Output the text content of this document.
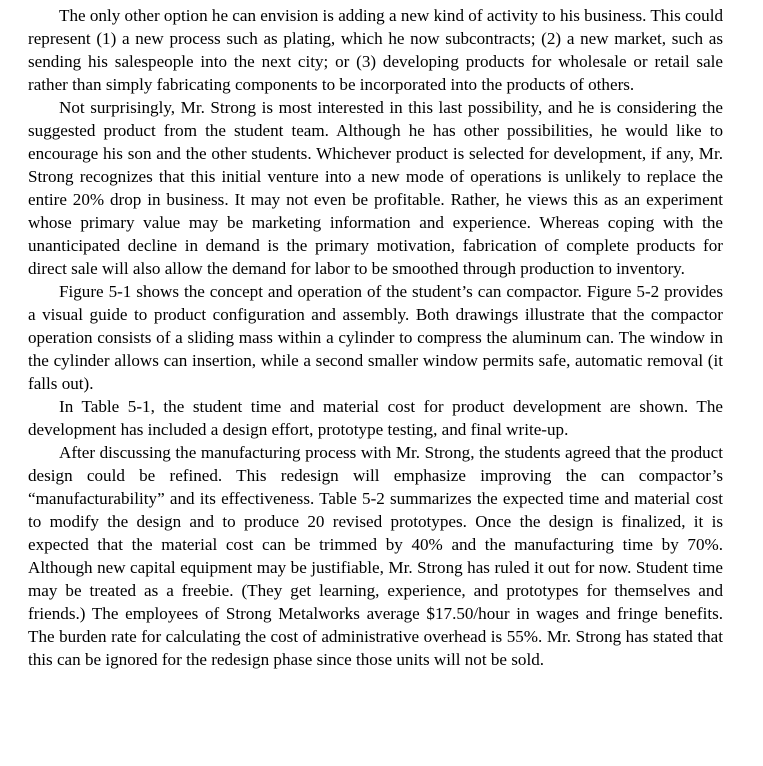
The only other option he can envision is adding a new kind of activity to his business. This could represent (1) a new process such as plating, which he now subcontracts; (2) a new market, such as sending his salespeople into the next city; or (3) developing products for wholesale or retail sale rather than simply fabricating components to be incorporated into the products of others.

Not surprisingly, Mr. Strong is most interested in this last possibility, and he is considering the suggested product from the student team. Although he has other possibilities, he would like to encourage his son and the other students. Whichever product is selected for development, if any, Mr. Strong recognizes that this initial venture into a new mode of operations is unlikely to replace the entire 20% drop in business. It may not even be profitable. Rather, he views this as an experiment whose primary value may be marketing information and experience. Whereas coping with the unanticipated decline in demand is the primary motivation, fabrication of complete products for direct sale will also allow the demand for labor to be smoothed through production to inventory.

Figure 5-1 shows the concept and operation of the student’s can compactor. Figure 5-2 provides a visual guide to product configuration and assembly. Both drawings illustrate that the compactor operation consists of a sliding mass within a cylinder to compress the aluminum can. The window in the cylinder allows can insertion, while a second smaller window permits safe, automatic removal (it falls out).

In Table 5-1, the student time and material cost for product development are shown. The development has included a design effort, prototype testing, and final write-up.

After discussing the manufacturing process with Mr. Strong, the students agreed that the product design could be refined. This redesign will emphasize improving the can compactor’s “manufacturability” and its effectiveness. Table 5-2 summarizes the expected time and material cost to modify the design and to produce 20 revised prototypes. Once the design is finalized, it is expected that the material cost can be trimmed by 40% and the manufacturing time by 70%. Although new capital equipment may be justifiable, Mr. Strong has ruled it out for now. Student time may be treated as a freebie. (They get learning, experience, and prototypes for themselves and friends.) The employees of Strong Metalworks average $17.50/hour in wages and fringe benefits. The burden rate for calculating the cost of administrative overhead is 55%. Mr. Strong has stated that this can be ignored for the redesign phase since those units will not be sold.
